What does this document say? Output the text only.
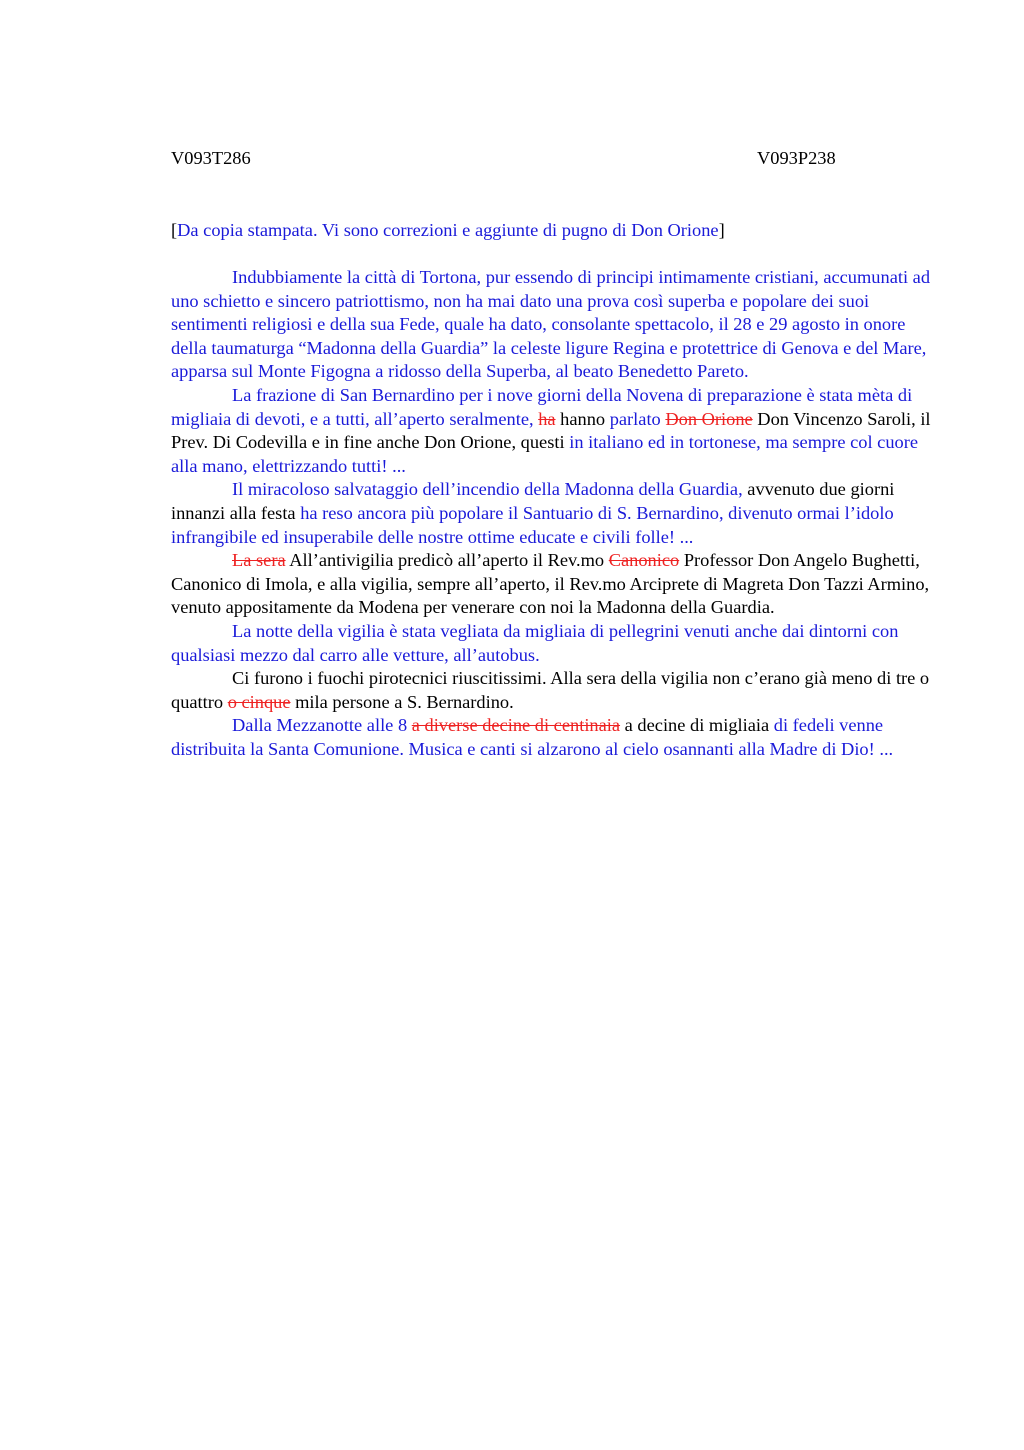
V093T286	V093P238
[Da copia stampata. Vi sono correzioni e aggiunte di pugno di Don Orione]

Indubbiamente la città di Tortona, pur essendo di principi intimamente cristiani, accumunati ad uno schietto e sincero patriottismo, non ha mai dato una prova così superba e popolare dei suoi sentimenti religiosi e della sua Fede, quale ha dato, consolante spettacolo, il 28 e 29 agosto in onore della taumaturga “Madonna della Guardia” la celeste ligure Regina e protettrice di Genova e del Mare, apparsa sul Monte Figogna a ridosso della Superba, al beato Benedetto Pareto.

La frazione di San Bernardino per i nove giorni della Novena di preparazione è stata mèta di migliaia di devoti, e a tutti, all’aperto seralmente, ha hanno parlato Don Orione Don Vincenzo Saroli, il Prev. Di Codevilla e in fine anche Don Orione, questi in italiano ed in tortonese, ma sempre col cuore alla mano, elettrizzando tutti! ...

Il miracoloso salvataggio dell’incendio della Madonna della Guardia, avvenuto due giorni innanzi alla festa ha reso ancora più popolare il Santuario di S. Bernardino, divenuto ormai l’idolo infrangibile ed insuperabile delle nostre ottime educate e civili folle! ...

La sera All’antivigilia predicò all’aperto il Rev.mo Canonico Professor Don Angelo Bughetti, Canonico di Imola, e alla vigilia, sempre all’aperto, il Rev.mo Arciprete di Magreta Don Tazzi Armino, venuto appositamente da Modena per venerare con noi la Madonna della Guardia.

La notte della vigilia è stata vegliata da migliaia di pellegrini venuti anche dai dintorni con qualsiasi mezzo dal carro alle vetture, all’autobus.

Ci furono i fuochi pirotecnici riuscitissimi. Alla sera della vigilia non c’erano già meno di tre o quattro o cinque mila persone a S. Bernardino.

Dalla Mezzanotte alle 8 a diverse decine di centinaia a decine di migliaia di fedeli venne distribuita la Santa Comunione. Musica e canti si alzarono al cielo osannanti alla Madre di Dio! ...
